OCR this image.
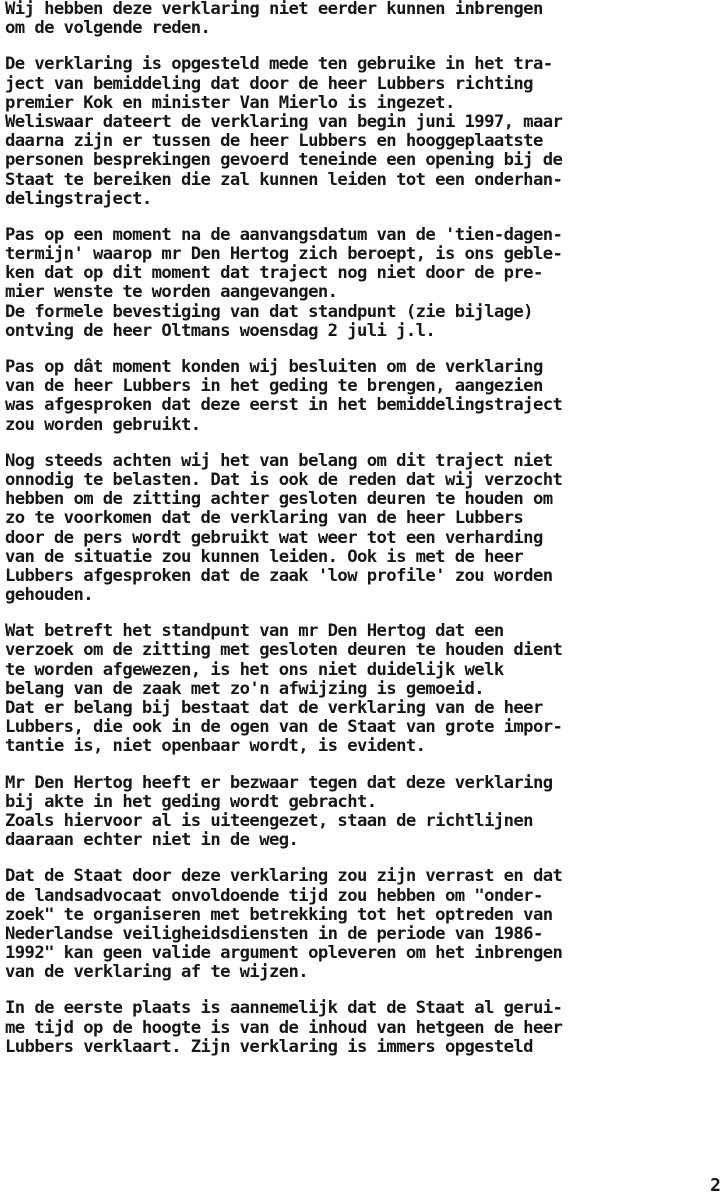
Wij hebben deze verklaring niet eerder kunnen inbrengen
om de volgende reden.
De verklaring is opgesteld mede ten gebruike in het tra-
ject van bemiddeling dat door de heer Lubbers richting
premier Kok en minister Van Mierlo is ingezet.
Weliswaar dateert de verklaring van begin juni 1997, maar
daarna zijn er tussen de heer Lubbers en hooggeplaatste
personen besprekingen gevoerd teneinde een opening bij de
Staat te bereiken die zal kunnen leiden tot een onderhan-
delingstraject.
Pas op een moment na de aanvangsdatum van de 'tien-dagen-
termijn' waarop mr Den Hertog zich beroept, is ons geble-
ken dat op dit moment dat traject nog niet door de pre-
mier wenste te worden aangevangen.
De formele bevestiging van dat standpunt (zie bijlage)
ontving de heer Oltmans woensdag 2 juli j.l.
Pas op dât moment konden wij besluiten om de verklaring
van de heer Lubbers in het geding te brengen, aangezien
was afgesproken dat deze eerst in het bemiddelingstraject
zou worden gebruikt.
Nog steeds achten wij het van belang om dit traject niet
onnodig te belasten. Dat is ook de reden dat wij verzocht
hebben om de zitting achter gesloten deuren te houden om
zo te voorkomen dat de verklaring van de heer Lubbers
door de pers wordt gebruikt wat weer tot een verharding
van de situatie zou kunnen leiden. Ook is met de heer
Lubbers afgesproken dat de zaak 'low profile' zou worden
gehouden.
Wat betreft het standpunt van mr Den Hertog dat een
verzoek om de zitting met gesloten deuren te houden dient
te worden afgewezen, is het ons niet duidelijk welk
belang van de zaak met zo'n afwijzing is gemoeid.
Dat er belang bij bestaat dat de verklaring van de heer
Lubbers, die ook in de ogen van de Staat van grote impor-
tantie is, niet openbaar wordt, is evident.
Mr Den Hertog heeft er bezwaar tegen dat deze verklaring
bij akte in het geding wordt gebracht.
Zoals hiervoor al is uiteengezet, staan de richtlijnen
daaraan echter niet in de weg.
Dat de Staat door deze verklaring zou zijn verrast en dat
de landsadvocaat onvoldoende tijd zou hebben om "onder-
zoek" te organiseren met betrekking tot het optreden van
Nederlandse veiligheidsdiensten in de periode van 1986-
1992" kan geen valide argument opleveren om het inbrengen
van de verklaring af te wijzen.
In de eerste plaats is aannemelijk dat de Staat al gerui-
me tijd op de hoogte is van de inhoud van hetgeen de heer
Lubbers verklaart. Zijn verklaring is immers opgesteld
2
